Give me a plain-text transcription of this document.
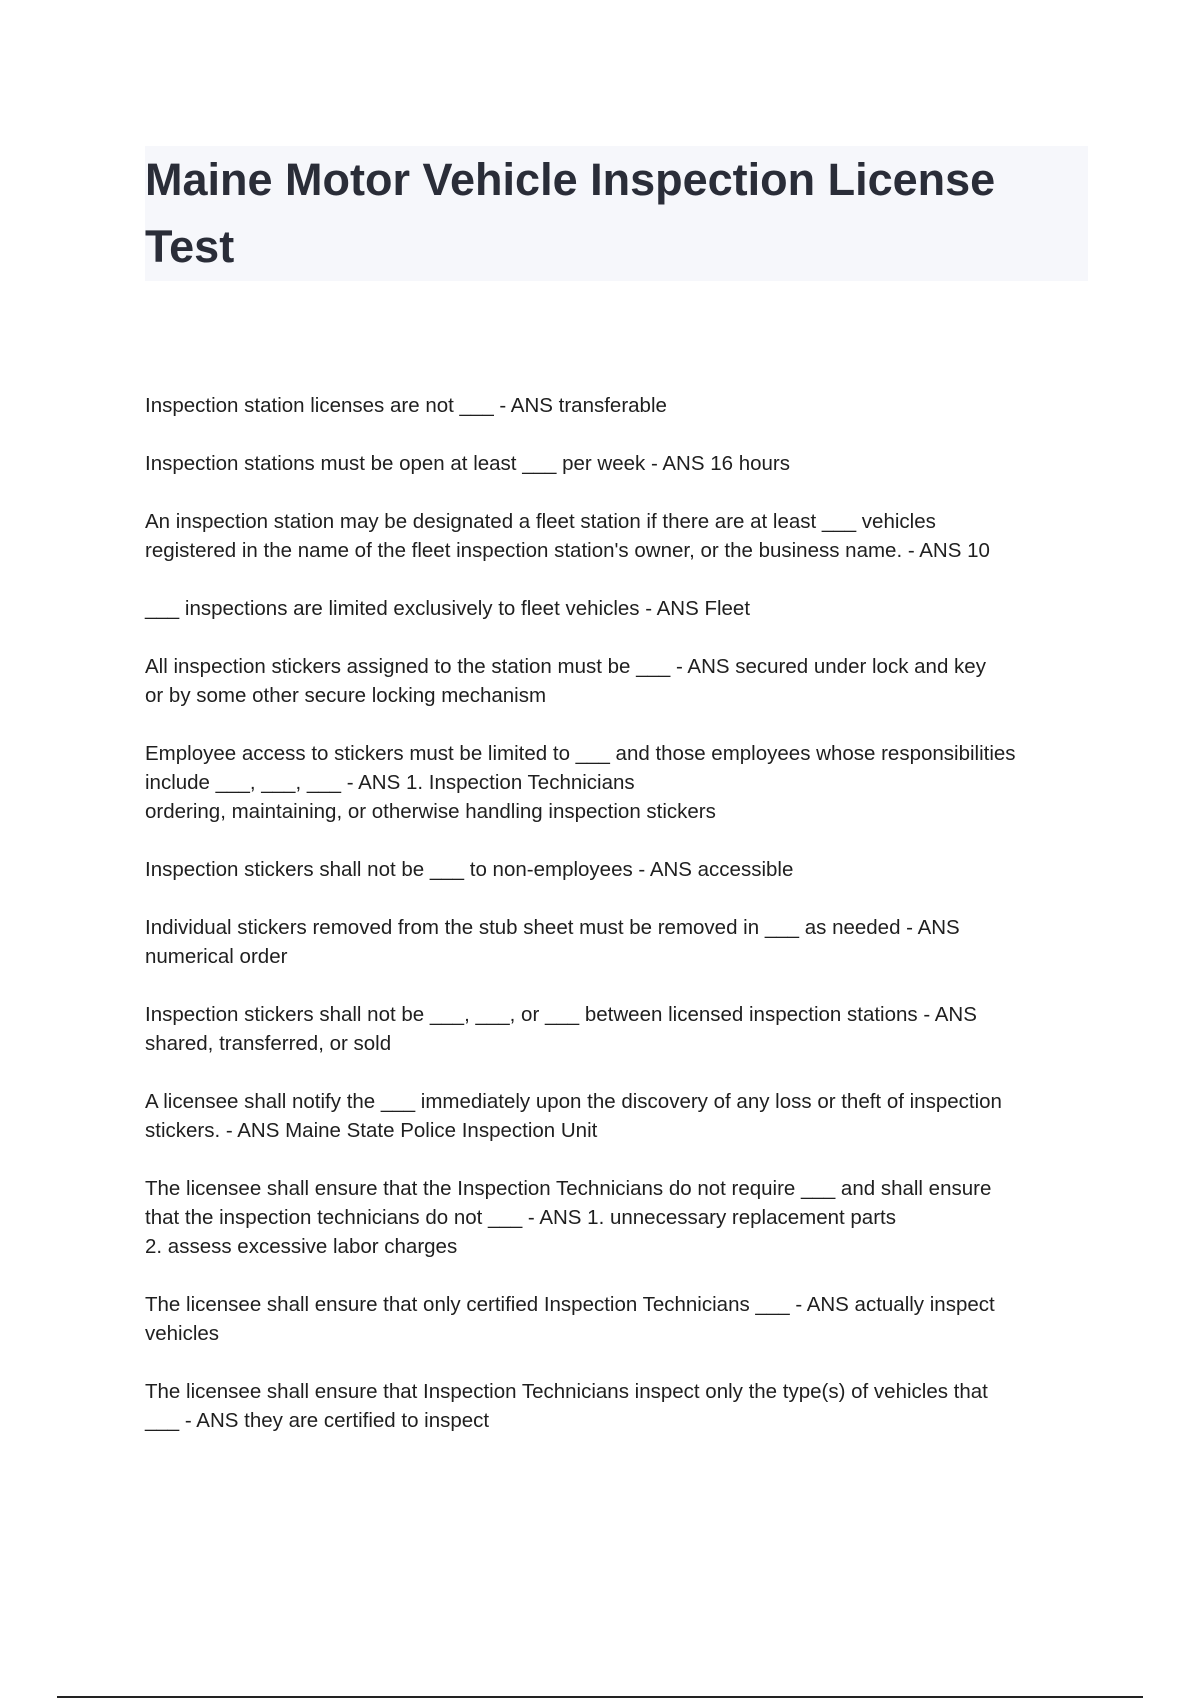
Maine Motor Vehicle Inspection License
Test

Inspection station licenses are not ___ - ANS transferable

Inspection stations must be open at least ___ per week - ANS 16 hours

An inspection station may be designated a fleet station if there are at least ___ vehicles
registered in the name of the fleet inspection station's owner, or the business name. - ANS 10

___ inspections are limited exclusively to fleet vehicles - ANS Fleet

All inspection stickers assigned to the station must be ___ - ANS secured under lock and key
or by some other secure locking mechanism

Employee access to stickers must be limited to ___ and those employees whose responsibilities
include ___, ___, ___ - ANS 1. Inspection Technicians
ordering, maintaining, or otherwise handling inspection stickers

Inspection stickers shall not be ___ to non-employees - ANS accessible

Individual stickers removed from the stub sheet must be removed in ___ as needed - ANS
numerical order

Inspection stickers shall not be ___, ___, or ___ between licensed inspection stations - ANS
shared, transferred, or sold

A licensee shall notify the ___ immediately upon the discovery of any loss or theft of inspection
stickers. - ANS Maine State Police Inspection Unit

The licensee shall ensure that the Inspection Technicians do not require ___ and shall ensure
that the inspection technicians do not ___ - ANS 1. unnecessary replacement parts
2. assess excessive labor charges

The licensee shall ensure that only certified Inspection Technicians ___ - ANS actually inspect
vehicles

The licensee shall ensure that Inspection Technicians inspect only the type(s) of vehicles that
___ - ANS they are certified to inspect
